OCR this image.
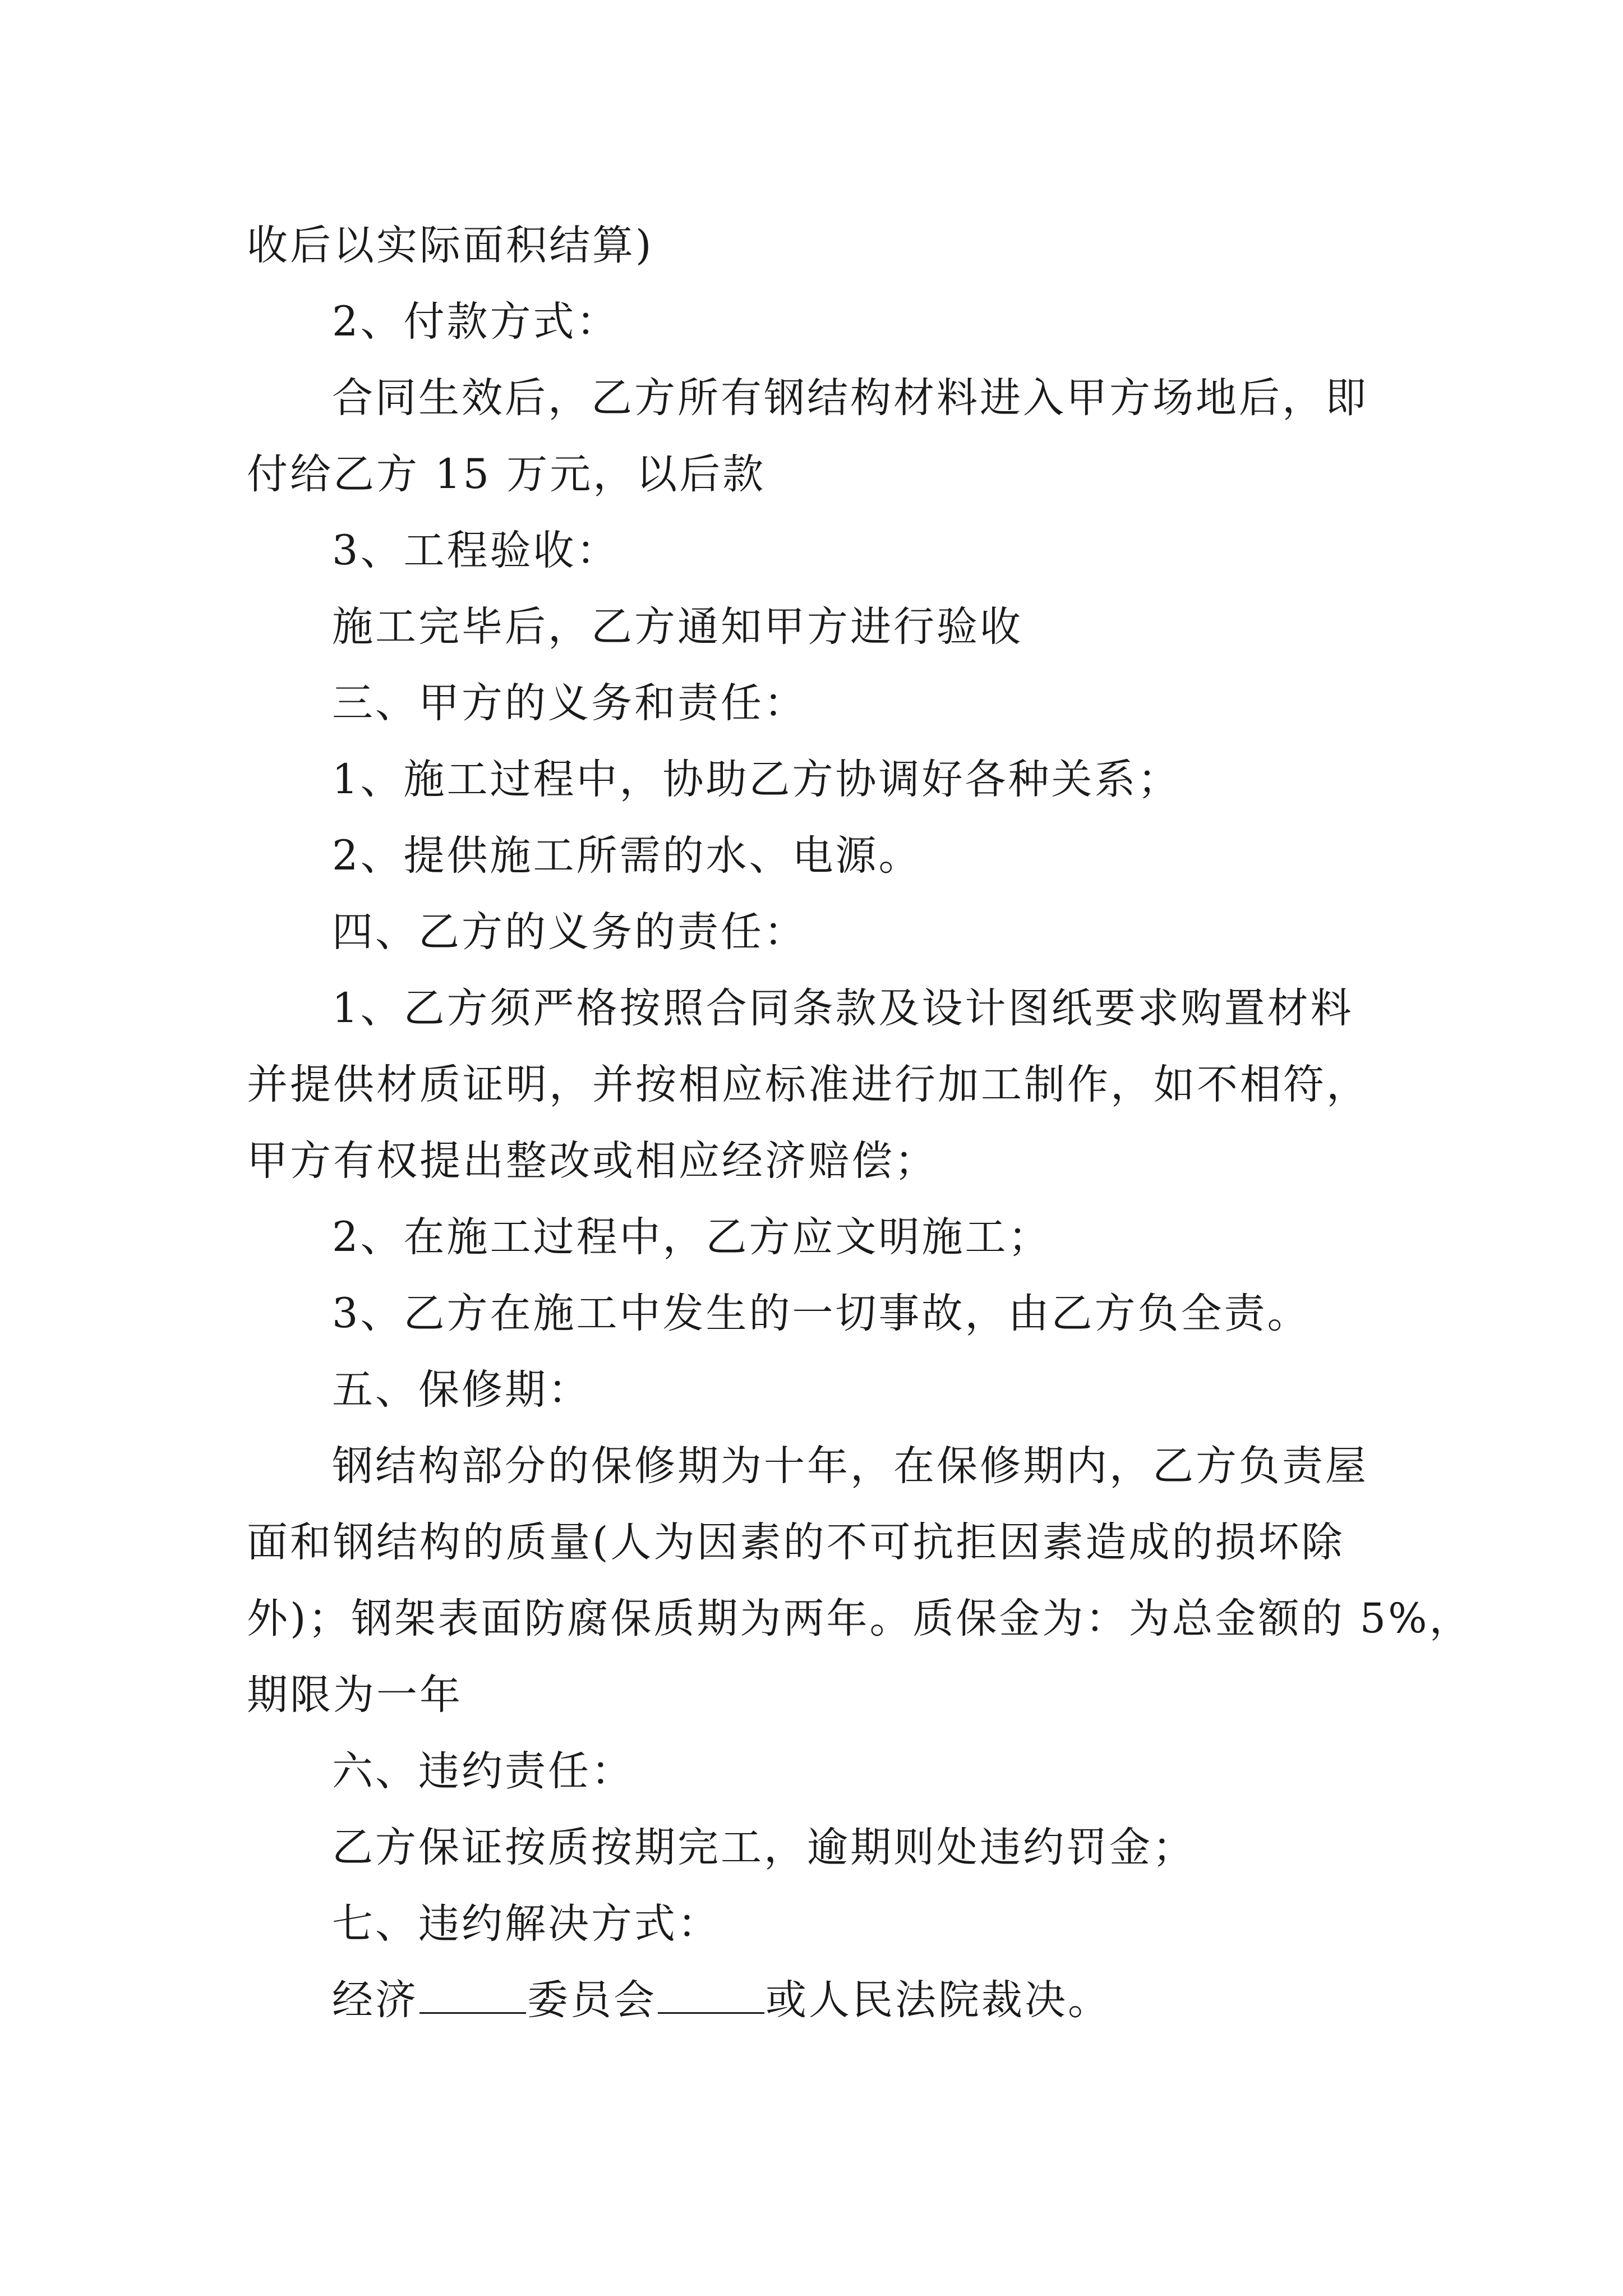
收后以实际面积结算)

2、付款方式：

合同生效后，乙方所有钢结构材料进入甲方场地后，即

付给乙方 15 万元，以后款

3、工程验收：

施工完毕后，乙方通知甲方进行验收

三、甲方的义务和责任：

1、施工过程中，协助乙方协调好各种关系；

2、提供施工所需的水、电源。

四、乙方的义务的责任：

1、乙方须严格按照合同条款及设计图纸要求购置材料

并提供材质证明，并按相应标准进行加工制作，如不相符，

甲方有权提出整改或相应经济赔偿；

2、在施工过程中，乙方应文明施工；

3、乙方在施工中发生的一切事故，由乙方负全责。

五、保修期：

钢结构部分的保修期为十年，在保修期内，乙方负责屋

面和钢结构的质量(人为因素的不可抗拒因素造成的损坏除

外)；钢架表面防腐保质期为两年。质保金为：为总金额的 5%，

期限为一年

六、违约责任：

乙方保证按质按期完工，逾期则处违约罚金；

七、违约解决方式：

经济	委员会	或人民法院裁决。
